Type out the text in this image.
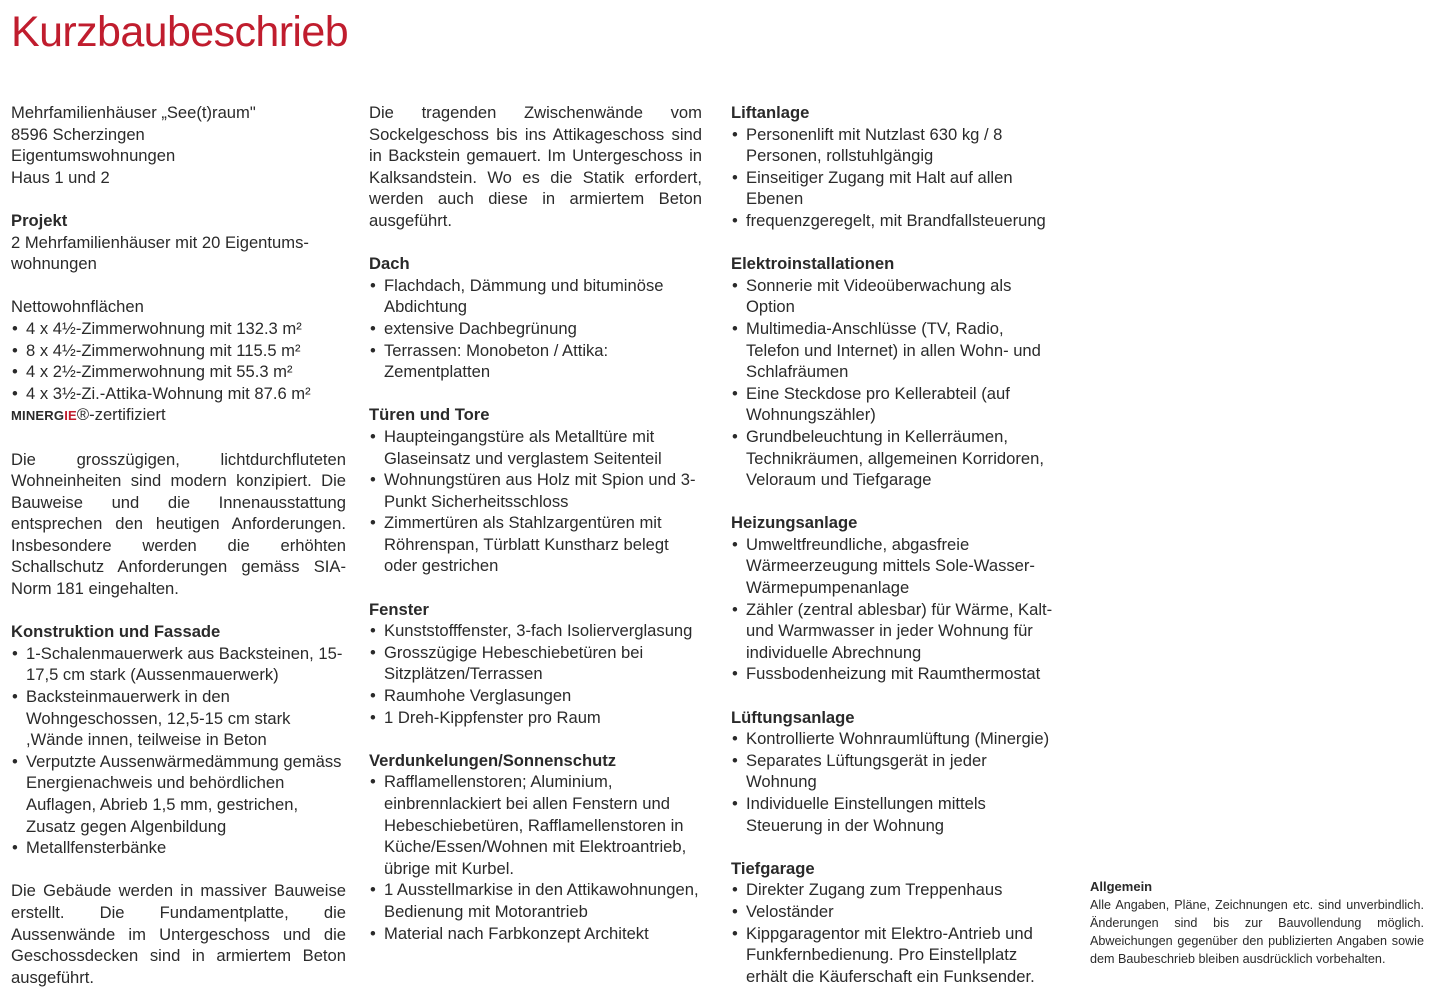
Kurzbaubeschrieb
Mehrfamilienhäuser „See(t)raum"
8596 Scherzingen
Eigentumswohnungen
Haus 1 und 2
Projekt

2 Mehrfamilienhäuser mit 20 Eigentums-wohnungen

Nettowohnflächen
• 4 x 4½-Zimmerwohnung mit 132.3 m²
• 8 x 4½-Zimmerwohnung mit 115.5 m²
• 4 x 2½-Zimmerwohnung mit 55.3 m²
• 4 x 3½-Zi.-Attika-Wohnung mit 87.6 m²
MINERGIE®-zertifiziert

Die grosszügigen, lichtdurchfluteten Wohneinheiten sind modern konzipiert. Die Bauweise und die Innenausstattung entsprechen den heutigen Anforderungen. Insbesondere werden die erhöhten Schallschutz Anforderungen gemäss SIA-Norm 181 eingehalten.

Konstruktion und Fassade
• 1-Schalenmauerwerk aus Backsteinen, 15-17,5 cm stark (Aussenmauerwerk)
• Backsteinmauerwerk in den Wohngeschossen, 12,5-15 cm stark ,Wände innen, teilweise in Beton
• Verputzte Aussenwärmedämmung gemäss Energienachweis und behördlichen Auflagen, Abrieb 1,5 mm, gestrichen, Zusatz gegen Algenbildung
• Metallfensterbänke

Die Gebäude werden in massiver Bauweise erstellt. Die Fundamentplatte, die Aussenwände im Untergeschoss und die Geschossdecken sind in armiertem Beton ausgeführt.

Die tragenden Zwischenwände vom Sockelgeschoss bis ins Attikageschoss sind in Backstein gemauert. Im Untergeschoss in Kalksandstein. Wo es die Statik erfordert, werden auch diese in armiertem Beton ausgeführt.

Dach
• Flachdach, Dämmung und bituminöse Abdichtung
• extensive Dachbegrünung
• Terrassen: Monobeton / Attika: Zementplatten
Türen und Tore
• Haupteingangstüre als Metalltüre mit Glaseinsatz und verglastem Seitenteil
• Wohnungstüren aus Holz mit Spion und 3-Punkt Sicherheitsschloss
• Zimmertüren als Stahlzargentüren mit Röhrenspan, Türblatt Kunstharz belegt oder gestrichen
Fenster
• Kunststofffenster, 3-fach Isolierverglasung
• Grosszügige Hebeschiebetüren bei Sitzplätzen/Terrassen
• Raumhohe Verglasungen
• 1 Dreh-Kippfenster pro Raum
Verdunkelungen/Sonnenschutz
• Rafflamellenstoren; Aluminium, einbrennlackiert bei allen Fenstern und Hebeschiebetüren, Rafflamellenstoren in Küche/Essen/Wohnen mit Elektroantrieb, übrige mit Kurbel.
• 1 Ausstellmarkise in den Attikawohnungen, Bedienung mit Motorantrieb
• Material nach Farbkonzept Architekt
Liftanlage
• Personenlift mit Nutzlast 630 kg / 8 Personen, rollstuhlgängig
• Einseitiger Zugang mit Halt auf allen Ebenen
• frequenzgeregelt, mit Brandfallsteuerung
Elektroinstallationen
• Sonnerie mit Videoüberwachung als Option
• Multimedia-Anschlüsse (TV, Radio, Telefon und Internet) in allen Wohn- und Schlafräumen
• Eine Steckdose pro Kellerabteil (auf Wohnungszähler)
• Grundbeleuchtung in Kellerräumen, Technikräumen, allgemeinen Korridoren, Veloraum und Tiefgarage
Heizungsanlage
• Umweltfreundliche, abgasfreie Wärmeerzeugung mittels Sole-Wasser-Wärmepumpenanlage
• Zähler (zentral ablesbar) für Wärme, Kalt- und Warmwasser in jeder Wohnung für individuelle Abrechnung
• Fussbodenheizung mit Raumthermostat
Lüftungsanlage
• Kontrollierte Wohnraumlüftung (Minergie)
• Separates Lüftungsgerät in jeder Wohnung
• Individuelle Einstellungen mittels Steuerung in der Wohnung
Tiefgarage
• Direkter Zugang zum Treppenhaus
• Veloständer
• Kippgaragentor mit Elektro-Antrieb und Funkfernbedienung. Pro Einstellplatz erhält die Käuferschaft ein Funksender.
Allgemein

Alle Angaben, Pläne, Zeichnungen etc. sind unverbindlich. Änderungen sind bis zur Bauvollendung möglich. Abweichungen gegenüber den publizierten Angaben sowie dem Baubeschrieb bleiben ausdrücklich vorbehalten.
